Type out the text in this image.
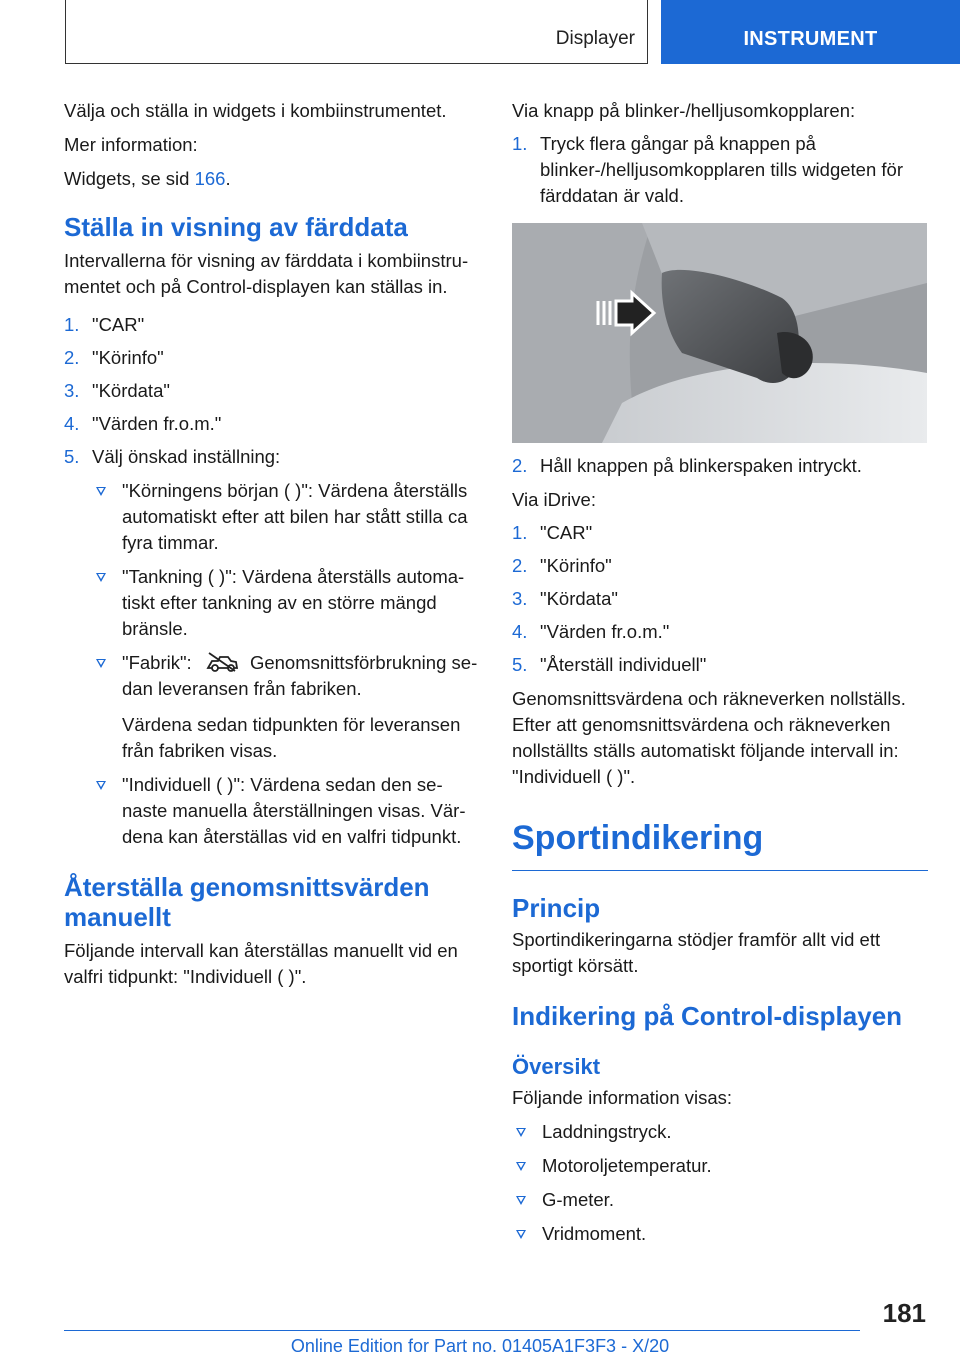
Displayer	INSTRUMENT

Välja och ställa in widgets i kombiinstrumentet.

Mer information:

Widgets, se sid 166.

Ställa in visning av färddata

Intervallerna för visning av färddata i kombiinstrumentet och på Control-displayen kan ställas in.

1. "CAR"
2. "Körinfo"
3. "Kördata"
4. "Värden fr.o.m."
5. Välj önskad inställning:
"Körningens början ( )": Värdena återställs automatiskt efter att bilen har stått stilla ca fyra timmar.
"Tankning ( )": Värdena återställs automatiskt efter tankning av en större mängd bränsle.
"Fabrik":	Genomsnittsförbrukning sedan leveransen från fabriken.

Värdena sedan tidpunkten för leveransen från fabriken visas.

"Individuell ( )": Värdena sedan den senaste manuella återställningen visas. Värdena kan återställas vid en valfri tidpunkt.
Återställa genomsnittsvärden manuellt

Följande intervall kan återställas manuellt vid en valfri tidpunkt: "Individuell ( )".

Via knapp på blinker-/helljusomkopplaren:

1. Tryck flera gångar på knappen på blinker-/helljusomkopplaren tills widgeten för färddatan är vald.
2. Håll knappen på blinkerspaken intryckt.

Via iDrive:

1. "CAR"
2. "Körinfo"
3. "Kördata"
4. "Värden fr.o.m."
5. "Återställ individuell"

Genomsnittsvärdena och räkneverken nollställs. Efter att genomsnittsvärdena och räkneverken nollställts ställs automatiskt följande intervall in: "Individuell ( )".

Sportindikering
Princip

Sportindikeringarna stödjer framför allt vid ett sportigt körsätt.

Indikering på Control-displayen
Översikt

Följande information visas:

Laddningstryck.
Motoroljetemperatur.
G-meter.
Vridmoment.
181
Online Edition for Part no. 01405A1F3F3 - X/20
